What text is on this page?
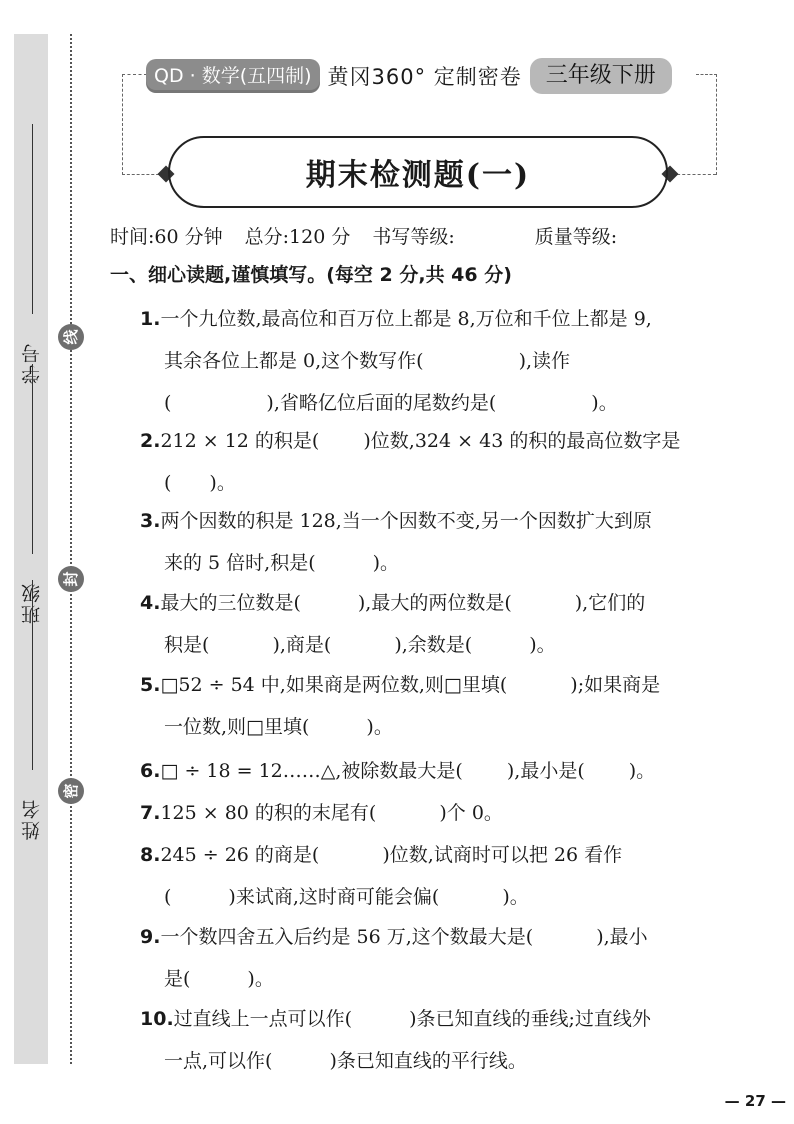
线
封
密
学号
班级
姓名
QD · 数学(五四制) 黄冈360° 定制密卷	三年级下册
期末检测题(一)
时间:60 分钟 总分:120 分 书写等级:	质量等级:
一、细心读题,谨慎填写。(每空 2 分,共 46 分)
1.一个九位数,最高位和百万位上都是 8,万位和千位上都是 9,
其余各位上都是 0,这个数写作(　　　　　),读作
(　　　　　),省略亿位后面的尾数约是(　　　　　)。
2.212 × 12 的积是(　　 )位数,324 × 43 的积的最高位数字是
(　　)。
3.两个因数的积是 128,当一个因数不变,另一个因数扩大到原
来的 5 倍时,积是(　　　)。
4.最大的三位数是(　　　),最大的两位数是(　　　 ),它们的
积是(　　　 ),商是(　　　 ),余数是(　　　)。
5.□52 ÷ 54 中,如果商是两位数,则□里填(　　　 );如果商是
一位数,则□里填(　　　)。
6.□ ÷ 18 = 12……△,被除数最大是(　　 ),最小是(　　 )。
7.125 × 80 的积的末尾有(　　　 )个 0。
8.245 ÷ 26 的商是(　　　 )位数,试商时可以把 26 看作
(　　　)来试商,这时商可能会偏(　　　 )。
9.一个数四舍五入后约是 56 万,这个数最大是(　　　 ),最小
是(　　　)。
10.过直线上一点可以作(　　　)条已知直线的垂线;过直线外
一点,可以作(　　　)条已知直线的平行线。
— 27 —
